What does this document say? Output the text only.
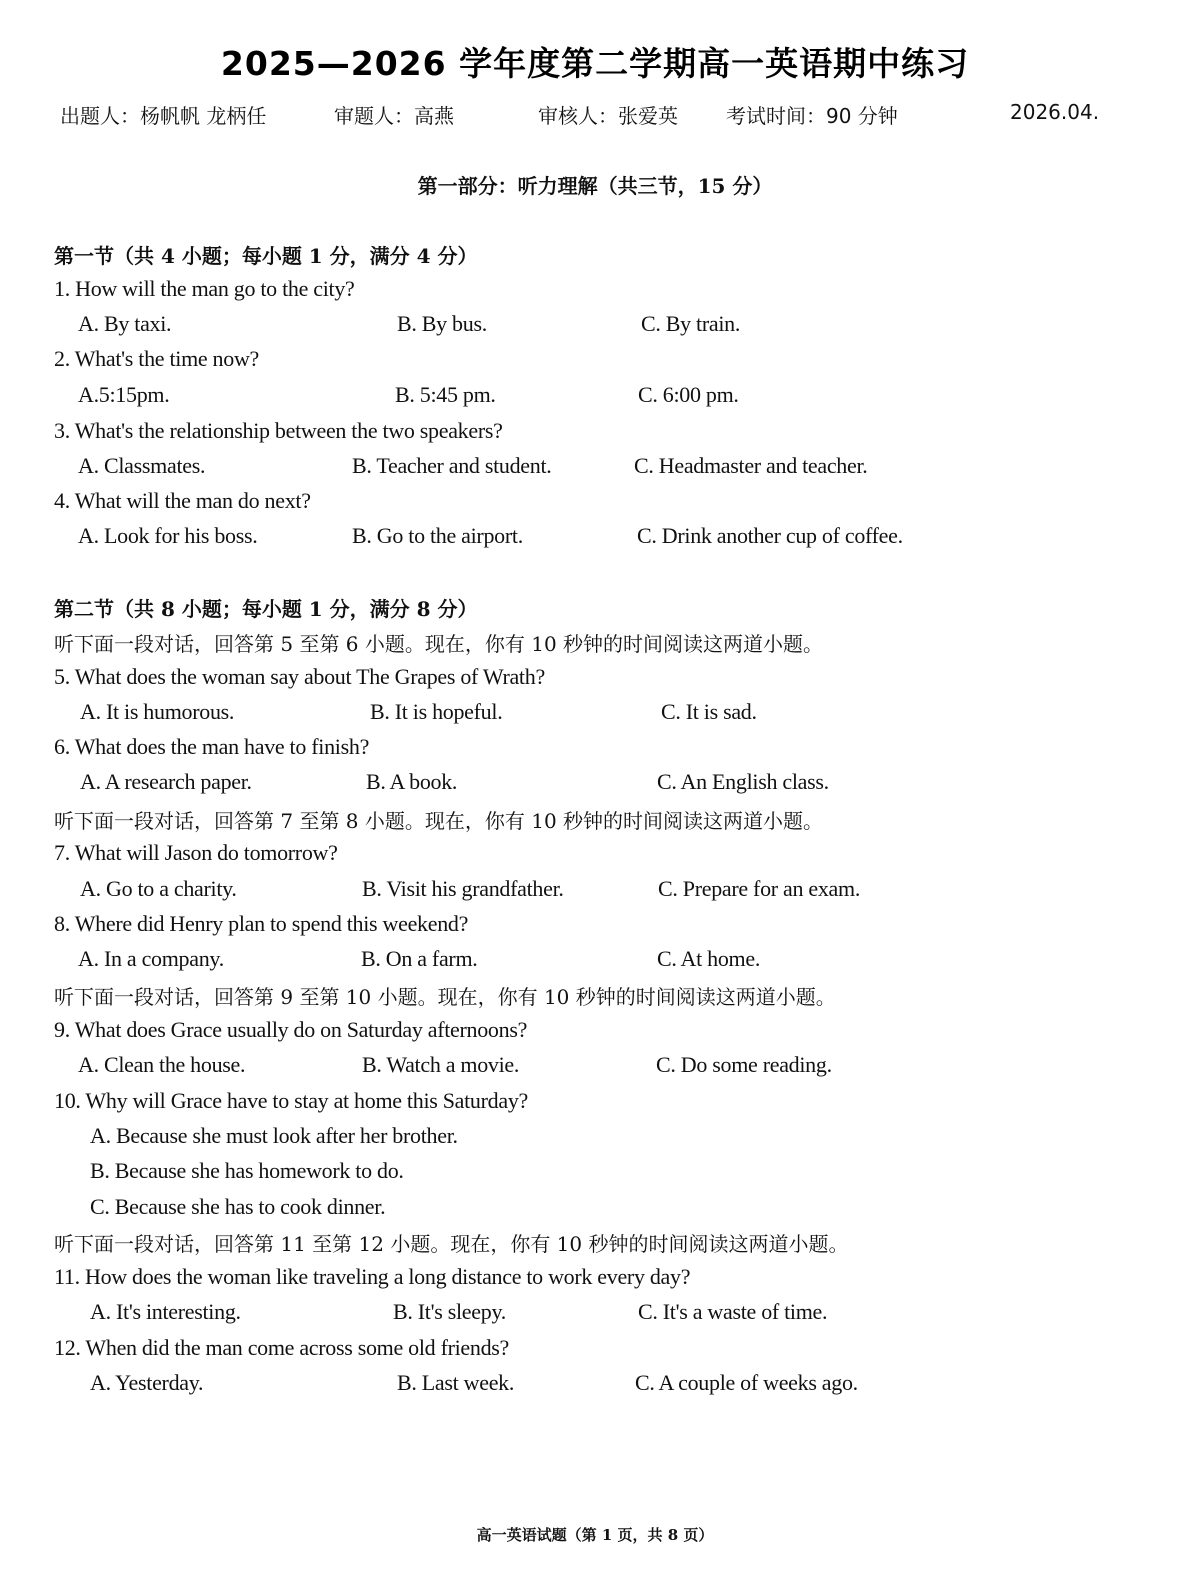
2025—2026 学年度第二学期高一英语期中练习
出题人：杨帆帆 龙柄任	审题人：高燕	审核人：张爱英 考试时间：90 分钟	2026.04.
第一部分：听力理解（共三节，15 分）
第一节（共 4 小题；每小题 1 分，满分 4 分）
1. How will the man go to the city?
A. By taxi.	B. By bus.	C. By train.
2. What's the time now?
A.5:15pm.	B. 5:45 pm.	C. 6:00 pm.
3. What's the relationship between the two speakers?
A. Classmates.	B. Teacher and student.	C. Headmaster and teacher.
4. What will the man do next?
A. Look for his boss.	B. Go to the airport.	C. Drink another cup of coffee.
第二节（共 8 小题；每小题 1 分，满分 8 分）
听下面一段对话，回答第 5 至第 6 小题。现在，你有 10 秒钟的时间阅读这两道小题。
5. What does the woman say about The Grapes of Wrath?
A. It is humorous.	B. It is hopeful.	C. It is sad.
6. What does the man have to finish?
A. A research paper.	B. A book.	C. An English class.
听下面一段对话，回答第 7 至第 8 小题。现在，你有 10 秒钟的时间阅读这两道小题。
7. What will Jason do tomorrow?
A. Go to a charity.	B. Visit his grandfather.	C. Prepare for an exam.
8. Where did Henry plan to spend this weekend?
A. In a company.	B. On a farm.	C. At home.
听下面一段对话，回答第 9 至第 10 小题。现在，你有 10 秒钟的时间阅读这两道小题。
9. What does Grace usually do on Saturday afternoons?
A. Clean the house.	B. Watch a movie.	C. Do some reading.
10. Why will Grace have to stay at home this Saturday?
A. Because she must look after her brother.
B. Because she has homework to do.
C. Because she has to cook dinner.
听下面一段对话，回答第 11 至第 12 小题。现在，你有 10 秒钟的时间阅读这两道小题。
11. How does the woman like traveling a long distance to work every day?
A. It's interesting.	B. It's sleepy.	C. It's a waste of time.
12. When did the man come across some old friends?
A. Yesterday.	B. Last week.	C. A couple of weeks ago.
高一英语试题（第 1 页，共 8 页）
